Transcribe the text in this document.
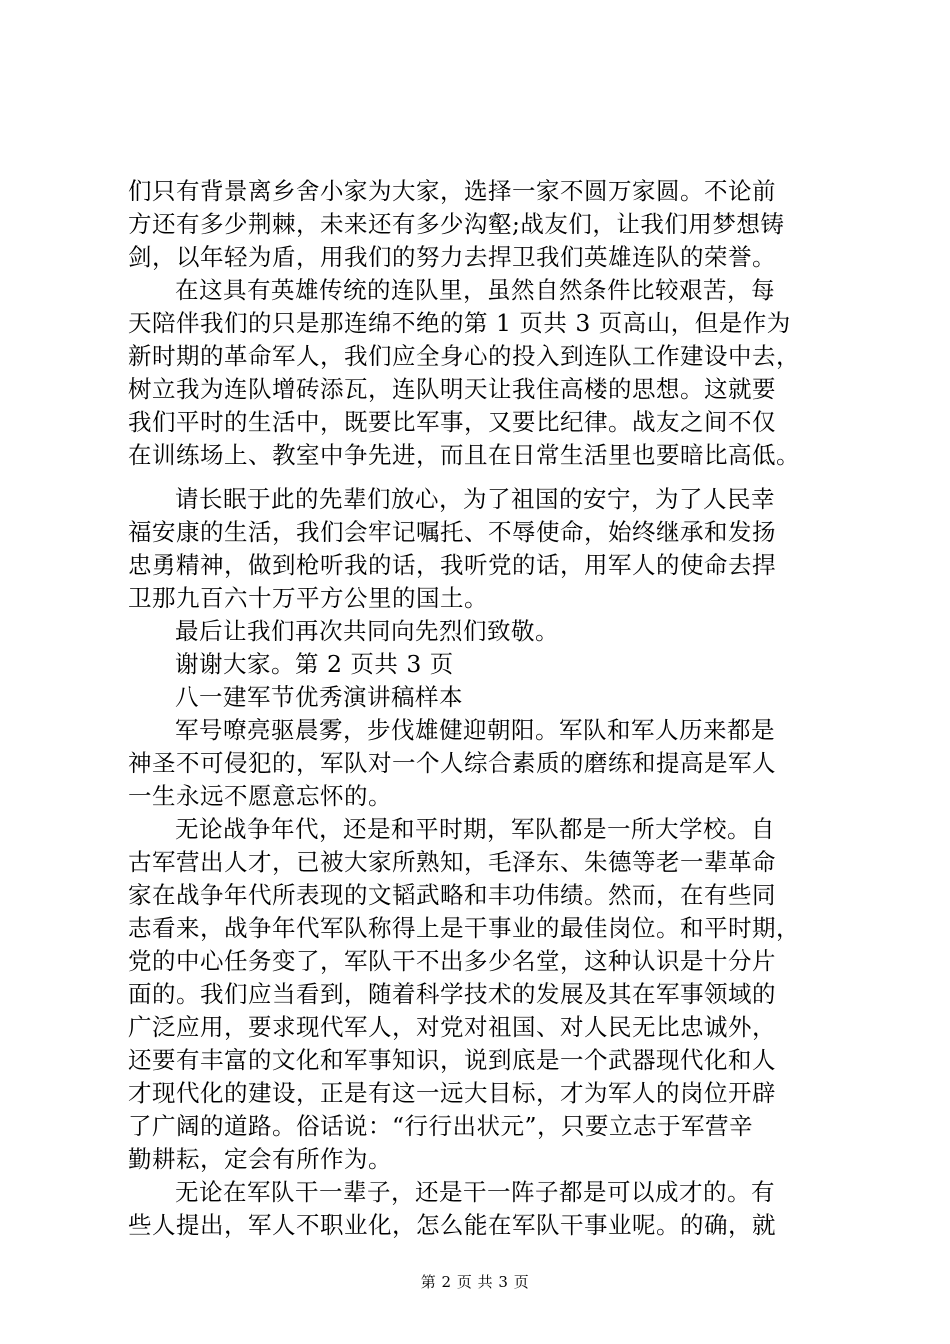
们只有背景离乡舍小家为大家，选择一家不圆万家圆。不论前
方还有多少荆棘，未来还有多少沟壑;战友们，让我们用梦想铸
剑，以年轻为盾，用我们的努力去捍卫我们英雄连队的荣誉。
在这具有英雄传统的连队里，虽然自然条件比较艰苦，每
天陪伴我们的只是那连绵不绝的第 1 页共 3 页高山，但是作为
新时期的革命军人，我们应全身心的投入到连队工作建设中去，
树立我为连队增砖添瓦，连队明天让我住高楼的思想。这就要
我们平时的生活中，既要比军事，又要比纪律。战友之间不仅
在训练场上、教室中争先进，而且在日常生活里也要暗比高低。
请长眠于此的先辈们放心，为了祖国的安宁，为了人民幸
福安康的生活，我们会牢记嘱托、不辱使命，始终继承和发扬
忠勇精神，做到枪听我的话，我听党的话，用军人的使命去捍
卫那九百六十万平方公里的国土。
最后让我们再次共同向先烈们致敬。
谢谢大家。第 2 页共 3 页
八一建军节优秀演讲稿样本
军号嘹亮驱晨雾，步伐雄健迎朝阳。军队和军人历来都是
神圣不可侵犯的，军队对一个人综合素质的磨练和提高是军人
一生永远不愿意忘怀的。
无论战争年代，还是和平时期，军队都是一所大学校。自
古军营出人才，已被大家所熟知，毛泽东、朱德等老一辈革命
家在战争年代所表现的文韬武略和丰功伟绩。然而，在有些同
志看来，战争年代军队称得上是干事业的最佳岗位。和平时期，
党的中心任务变了，军队干不出多少名堂，这种认识是十分片
面的。我们应当看到，随着科学技术的发展及其在军事领域的
广泛应用，要求现代军人，对党对祖国、对人民无比忠诚外，
还要有丰富的文化和军事知识，说到底是一个武器现代化和人
才现代化的建设，正是有这一远大目标，才为军人的岗位开辟
了广阔的道路。俗话说：“行行出状元”，只要立志于军营辛
勤耕耘，定会有所作为。
无论在军队干一辈子，还是干一阵子都是可以成才的。有
些人提出，军人不职业化，怎么能在军队干事业呢。的确，就
第 2 页 共 3 页
